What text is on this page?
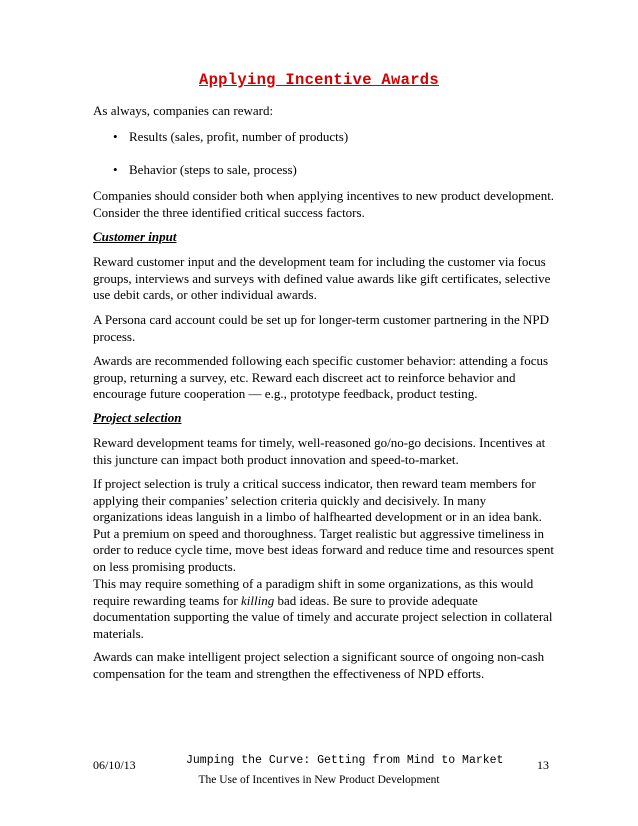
Applying Incentive Awards

As always, companies can reward:

• Results (sales, profit, number of products)
• Behavior (steps to sale, process)

Companies should consider both when applying incentives to new product development.
Consider the three identified critical success factors.

Customer input

Reward customer input and the development team for including the customer via focus
groups, interviews and surveys with defined value awards like gift certificates, selective
use debit cards, or other individual awards.

A Persona card account could be set up for longer-term customer partnering in the NPD
process.

Awards are recommended following each specific customer behavior: attending a focus
group, returning a survey, etc. Reward each discreet act to reinforce behavior and
encourage future cooperation — e.g., prototype feedback, product testing.

Project selection

Reward development teams for timely, well-reasoned go/no-go decisions. Incentives at
this juncture can impact both product innovation and speed-to-market.

If project selection is truly a critical success indicator, then reward team members for
applying their companies’ selection criteria quickly and decisively. In many
organizations ideas languish in a limbo of halfhearted development or in an idea bank.
Put a premium on speed and thoroughness. Target realistic but aggressive timeliness in
order to reduce cycle time, move best ideas forward and reduce time and resources spent
on less promising products.

This may require something of a paradigm shift in some organizations, as this would
require rewarding teams for killing bad ideas. Be sure to provide adequate
documentation supporting the value of timely and accurate project selection in collateral
materials.

Awards can make intelligent project selection a significant source of ongoing non-cash
compensation for the team and strengthen the effectiveness of NPD efforts.

06/10/13	Jumping the Curve: Getting from Mind to Market	13
The Use of Incentives in New Product Development
